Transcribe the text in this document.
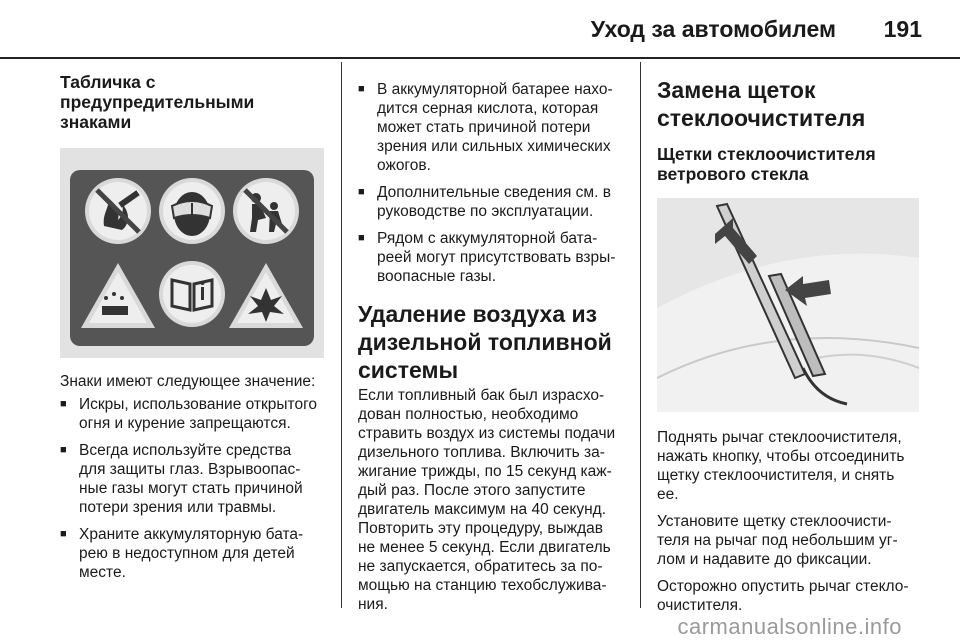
Уход за автомобилем 191
Табличка с
предупредительными
знаками

Знаки имеют следующее значение:

■ Искры, использование открытого
огня и курение запрещаются.
■ Всегда используйте средства
для защиты глаз. Взрывоопас-
ные газы могут стать причиной
потери зрения или травмы.
■ Храните аккумуляторную бата-
рею в недоступном для детей
месте.
■ В аккумуляторной батарее нахо-
дится серная кислота, которая
может стать причиной потери
зрения или сильных химических
ожогов.
■ Дополнительные сведения см. в
руководстве по эксплуатации.
■ Рядом с аккумуляторной бата-
реей могут присутствовать взры-
воопасные газы.
Удаление воздуха из
дизельной топливной
системы

Если топливный бак был израсхо-
дован полностью, необходимо
стравить воздух из системы подачи
дизельного топлива. Включить за-
жигание трижды, по 15 секунд каж-
дый раз. После этого запустите
двигатель максимум на 40 секунд.
Повторить эту процедуру, выждав
не менее 5 секунд. Если двигатель
не запускается, обратитесь за по-
мощью на станцию техобслужива-
ния.

Замена щеток
стеклоочистителя
Щетки стеклоочистителя
ветрового стекла

Поднять рычаг стеклоочистителя,
нажать кнопку, чтобы отсоединить
щетку стеклоочистителя, и снять
ее.

Установите щетку стеклоочисти-
теля на рычаг под небольшим уг-
лом и надавите до фиксации.

Осторожно опустить рычаг стекло-
очистителя.

carmanualsonline.info
